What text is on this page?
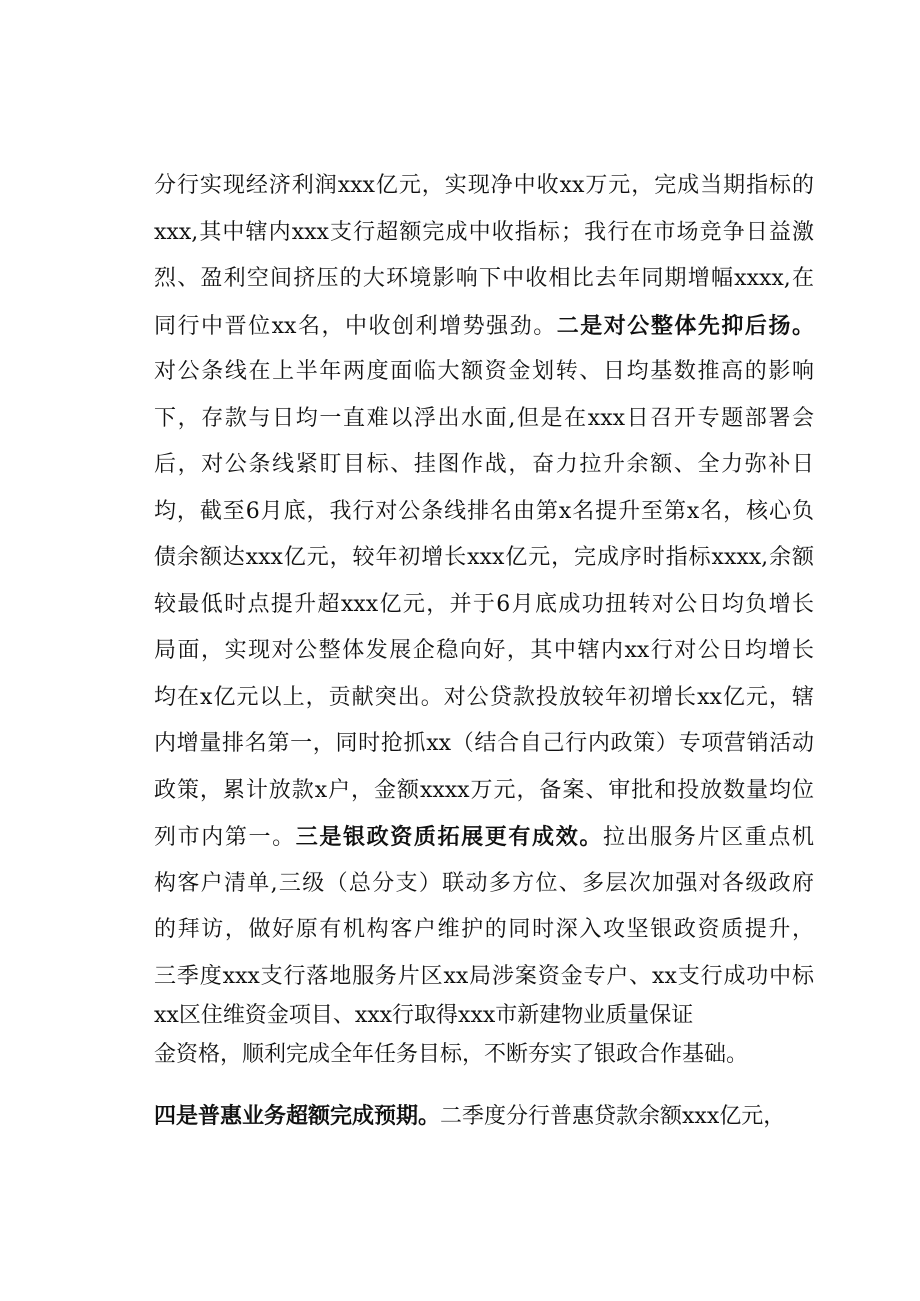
分行实现经济利润xxx亿元，实现净中收xx万元，完成当期指标的
xxx,其中辖内xxx支行超额完成中收指标；我行在市场竞争日益激
烈、盈利空间挤压的大环境影响下中收相比去年同期增幅xxxx,在
同行中晋位xx名，中收创利增势强劲。二是对公整体先抑后扬。
对公条线在上半年两度面临大额资金划转、日均基数推高的影响
下，存款与日均一直难以浮出水面,但是在xxx日召开专题部署会
后，对公条线紧盯目标、挂图作战，奋力拉升余额、全力弥补日
均，截至6月底，我行对公条线排名由第x名提升至第x名，核心负
债余额达xxx亿元，较年初增长xxx亿元，完成序时指标xxxx,余额
较最低时点提升超xxx亿元，并于6月底成功扭转对公日均负增长
局面，实现对公整体发展企稳向好，其中辖内xx行对公日均增长
均在x亿元以上，贡献突出。对公贷款投放较年初增长xx亿元，辖
内增量排名第一，同时抢抓xx（结合自己行内政策）专项营销活动
政策，累计放款x户，金额xxxx万元，备案、审批和投放数量均位
列市内第一。三是银政资质拓展更有成效。拉出服务片区重点机
构客户清单,三级（总分支）联动多方位、多层次加强对各级政府
的拜访，做好原有机构客户维护的同时深入攻坚银政资质提升，
三季度xxx支行落地服务片区xx局涉案资金专户、xx支行成功中标
xx区住维资金项目、xxx行取得xxx市新建物业质量保证
金资格，顺利完成全年任务目标，不断夯实了银政合作基础。
四是普惠业务超额完成预期。二季度分行普惠贷款余额xxx亿元，
